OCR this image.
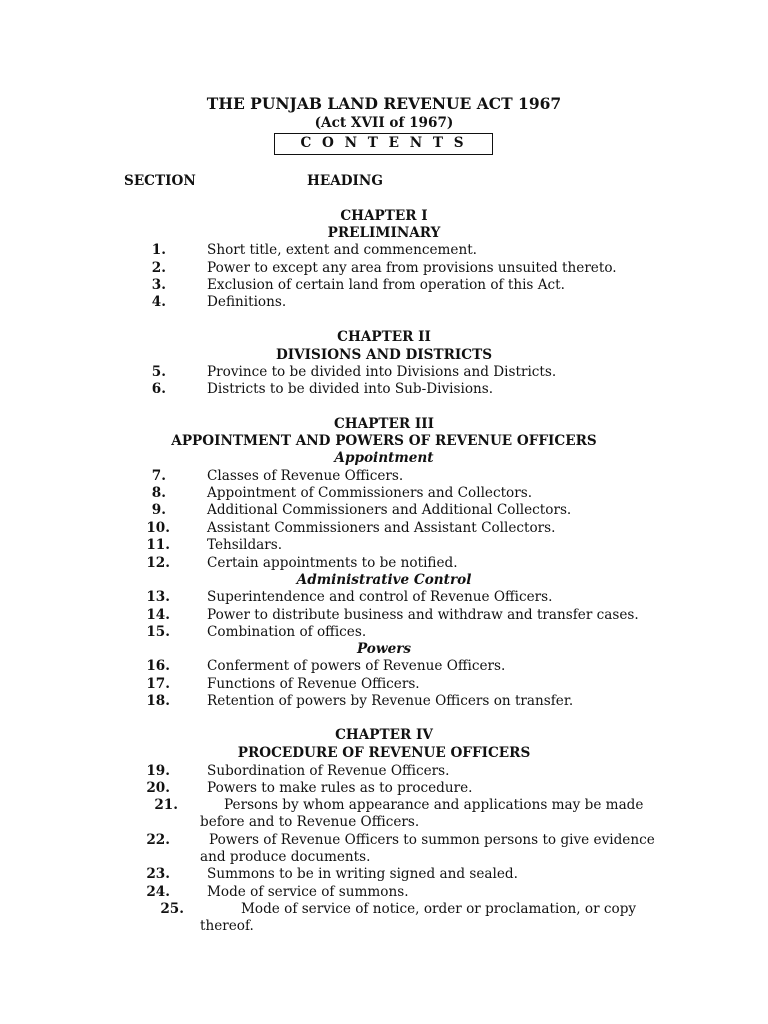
THE PUNJAB LAND REVENUE ACT 1967
(Act XVII of 1967)
C O N T E N T S
SECTION	HEADING
CHAPTER I
PRELIMINARY
1.	Short title, extent and commencement.
2.	Power to except any area from provisions unsuited thereto.
3.	Exclusion of certain land from operation of this Act.
4.	Definitions.
CHAPTER II
DIVISIONS AND DISTRICTS
5.	Province to be divided into Divisions and Districts.
6.	Districts to be divided into Sub-Divisions.
CHAPTER III
APPOINTMENT AND POWERS OF REVENUE OFFICERS
Appointment
7.	Classes of Revenue Officers.
8.	Appointment of Commissioners and Collectors.
9.	Additional Commissioners and Additional Collectors.
10.	Assistant Commissioners and Assistant Collectors.
11.	Tehsildars.
12.	Certain appointments to be notified.
Administrative Control
13.	Superintendence and control of Revenue Officers.
14.	Power to distribute business and withdraw and transfer cases.
15.	Combination of offices.
Powers
16.	Conferment of powers of Revenue Officers.
17.	Functions of Revenue Officers.
18.	Retention of powers by Revenue Officers on transfer.
CHAPTER IV
PROCEDURE OF REVENUE OFFICERS
19.	Subordination of Revenue Officers.
20.	Powers to make rules as to procedure.
21.	Persons by whom appearance and applications may be made
before and to Revenue Officers.
22.	Powers of Revenue Officers to summon persons to give evidence
and produce documents.
23.	Summons to be in writing signed and sealed.
24.	Mode of service of summons.
25.	Mode of service of notice, order or proclamation, or copy
thereof.
